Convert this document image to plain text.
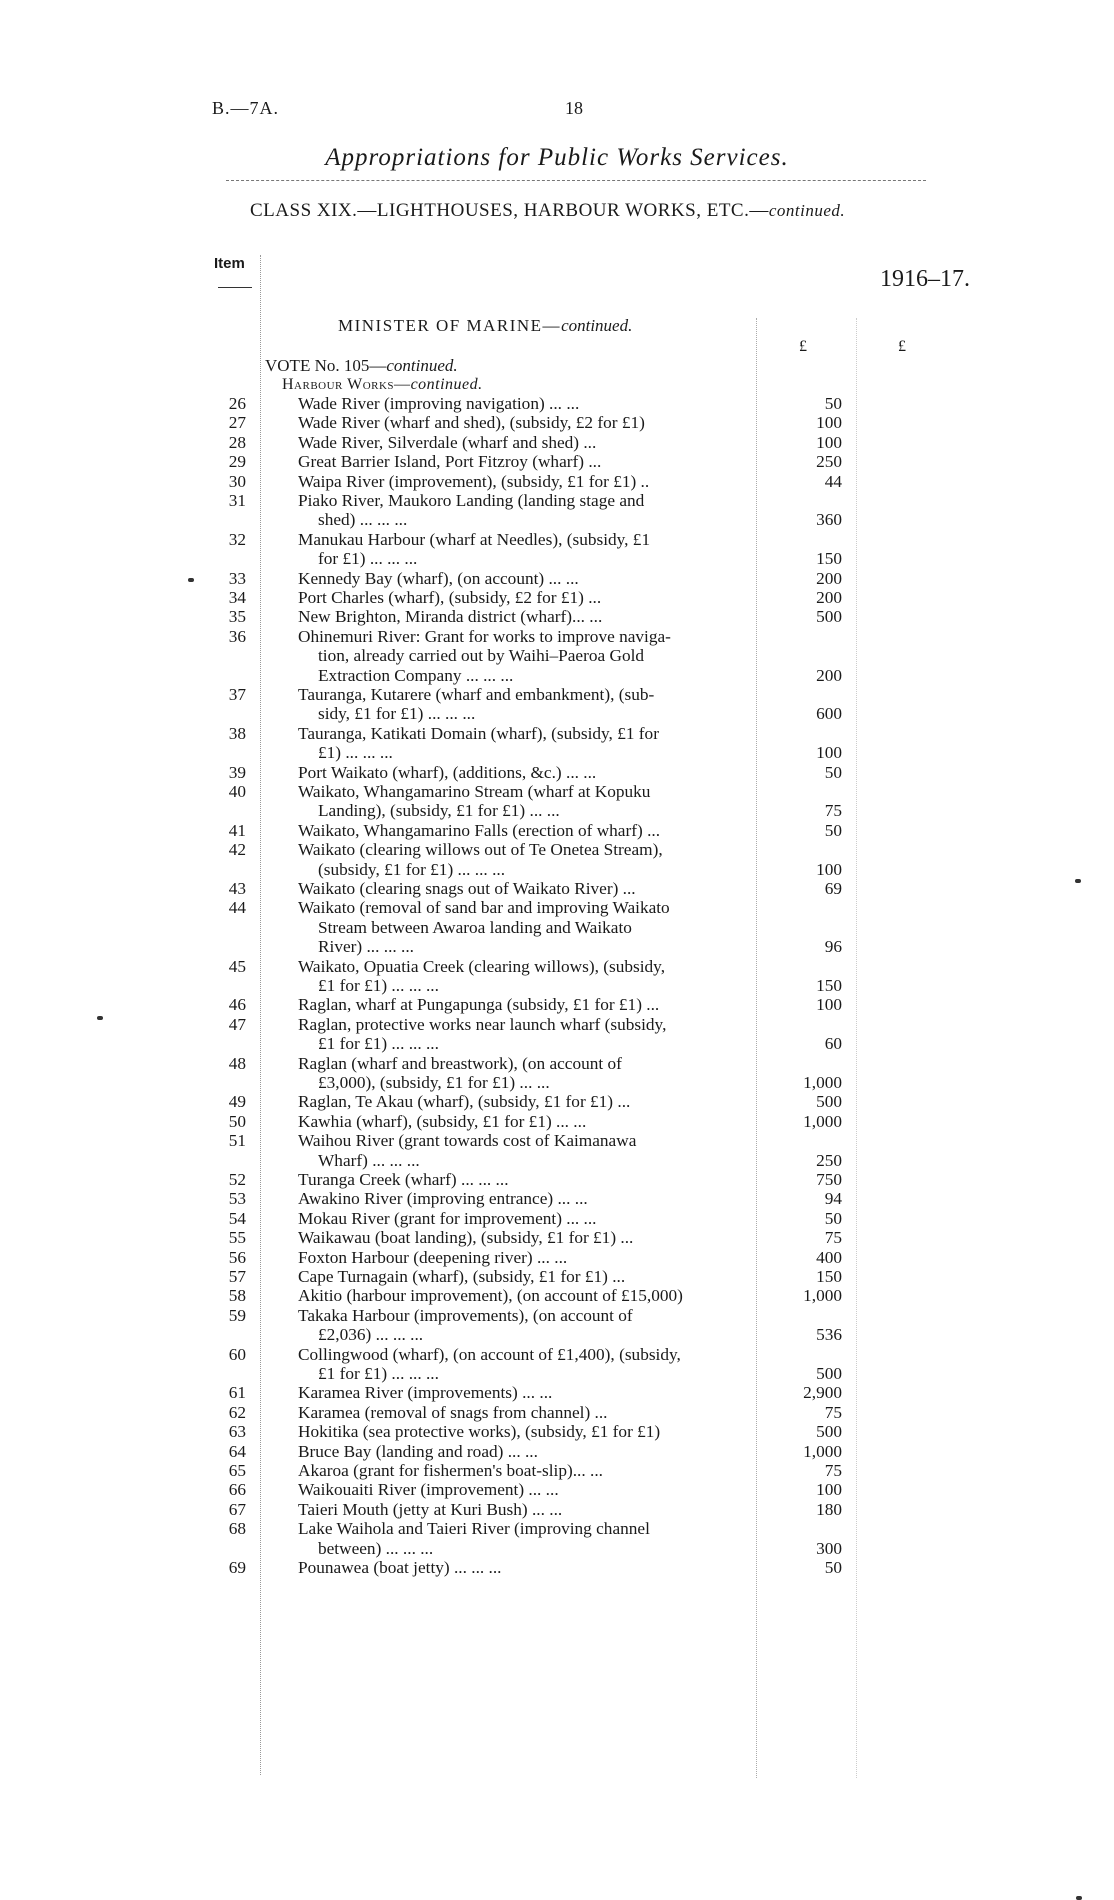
B.—7A.	18
Appropriations for Public Works Services.
CLASS XIX.—LIGHTHOUSES, HARBOUR WORKS, ETC.—continued.
Item
1916–17.
MINISTER OF MARINE—continued.
£	£
VOTE No. 105—continued.
Harbour Works—continued.
26	Wade River (improving navigation) ... ...	50
27	Wade River (wharf and shed), (subsidy, £2 for £1)	100
28	Wade River, Silverdale (wharf and shed) ...	100
29	Great Barrier Island, Port Fitzroy (wharf) ...	250
30	Waipa River (improvement), (subsidy, £1 for £1) ..	44
31	Piako River, Maukoro Landing (landing stage and
shed) ... ... ...	360
32	Manukau Harbour (wharf at Needles), (subsidy, £1
for £1) ... ... ...	150
33	Kennedy Bay (wharf), (on account) ... ...	200
34	Port Charles (wharf), (subsidy, £2 for £1) ...	200
35	New Brighton, Miranda district (wharf)... ...	500
36	Ohinemuri River: Grant for works to improve naviga-
tion, already carried out by Waihi–Paeroa Gold
Extraction Company ... ... ...	200
37	Tauranga, Kutarere (wharf and embankment), (sub-
sidy, £1 for £1) ... ... ...	600
38	Tauranga, Katikati Domain (wharf), (subsidy, £1 for
£1) ... ... ...	100
39	Port Waikato (wharf), (additions, &c.) ... ...	50
40	Waikato, Whangamarino Stream (wharf at Kopuku
Landing), (subsidy, £1 for £1) ... ...	75
41	Waikato, Whangamarino Falls (erection of wharf) ...	50
42	Waikato (clearing willows out of Te Onetea Stream),
(subsidy, £1 for £1) ... ... ...	100
43	Waikato (clearing snags out of Waikato River) ...	69
44	Waikato (removal of sand bar and improving Waikato
Stream between Awaroa landing and Waikato
River) ... ... ...	96
45	Waikato, Opuatia Creek (clearing willows), (subsidy,
£1 for £1) ... ... ...	150
46	Raglan, wharf at Pungapunga (subsidy, £1 for £1) ...	100
47	Raglan, protective works near launch wharf (subsidy,
£1 for £1) ... ... ...	60
48	Raglan (wharf and breastwork), (on account of
£3,000), (subsidy, £1 for £1) ... ...	1,000
49	Raglan, Te Akau (wharf), (subsidy, £1 for £1) ...	500
50	Kawhia (wharf), (subsidy, £1 for £1) ... ...	1,000
51	Waihou River (grant towards cost of Kaimanawa
Wharf) ... ... ...	250
52	Turanga Creek (wharf) ... ... ...	750
53	Awakino River (improving entrance) ... ...	94
54	Mokau River (grant for improvement) ... ...	50
55	Waikawau (boat landing), (subsidy, £1 for £1) ...	75
56	Foxton Harbour (deepening river) ... ...	400
57	Cape Turnagain (wharf), (subsidy, £1 for £1) ...	150
58	Akitio (harbour improvement), (on account of £15,000)	1,000
59	Takaka Harbour (improvements), (on account of
£2,036) ... ... ...	536
60	Collingwood (wharf), (on account of £1,400), (subsidy,
£1 for £1) ... ... ...	500
61	Karamea River (improvements) ... ...	2,900
62	Karamea (removal of snags from channel) ...	75
63	Hokitika (sea protective works), (subsidy, £1 for £1)	500
64	Bruce Bay (landing and road) ... ...	1,000
65	Akaroa (grant for fishermen's boat-slip)... ...	75
66	Waikouaiti River (improvement) ... ...	100
67	Taieri Mouth (jetty at Kuri Bush) ... ...	180
68	Lake Waihola and Taieri River (improving channel
between) ... ... ...	300
69	Pounawea (boat jetty) ... ... ...	50
